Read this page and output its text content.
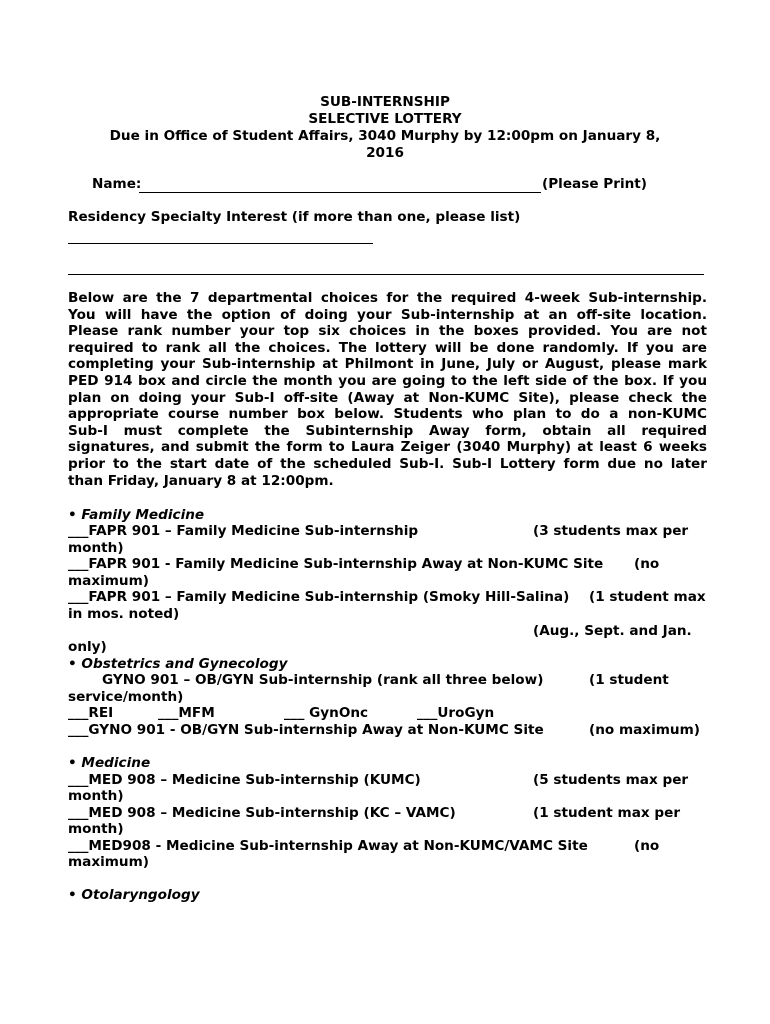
SUB-INTERNSHIP
SELECTIVE LOTTERY
Due in Office of Student Affairs, 3040 Murphy by 12:00pm on January 8,
2016
Name:	(Please Print)
Residency Specialty Interest (if more than one, please list)
Below are the 7 departmental choices for the required 4-week Sub-internship.
You will have the option of doing your Sub-internship at an off-site location.
Please rank number your top six choices in the boxes provided. You are not
required to rank all the choices. The lottery will be done randomly. If you are
completing your Sub-internship at Philmont in June, July or August, please mark
PED 914 box and circle the month you are going to the left side of the box. If you
plan on doing your Sub-I off-site (Away at Non-KUMC Site), please check the
appropriate course number box below. Students who plan to do a non-KUMC
Sub-I must complete the Subinternship Away form, obtain all required
signatures, and submit the form to Laura Zeiger (3040 Murphy) at least 6 weeks
prior to the start date of the scheduled Sub-I. Sub-I Lottery form due no later
than Friday, January 8 at 12:00pm.
• Family Medicine
___FAPR 901 – Family Medicine Sub-internship	(3 students max per
month)
___FAPR 901 - Family Medicine Sub-internship Away at Non-KUMC Site (no
maximum)
___FAPR 901 – Family Medicine Sub-internship (Smoky Hill-Salina) (1 student max
in mos. noted)
(Aug., Sept. and Jan.
only)
• Obstetrics and Gynecology
GYNO 901 – OB/GYN Sub-internship (rank all three below)	(1 student
service/month)
___REI	___MFM	___ GynOnc	___UroGyn
___GYNO 901 - OB/GYN Sub-internship Away at Non-KUMC Site	(no maximum)
• Medicine
___MED 908 – Medicine Sub-internship (KUMC)	(5 students max per
month)
___MED 908 – Medicine Sub-internship (KC – VAMC)	(1 student max per
month)
___MED908 - Medicine Sub-internship Away at Non-KUMC/VAMC Site	(no
maximum)
• Otolaryngology
